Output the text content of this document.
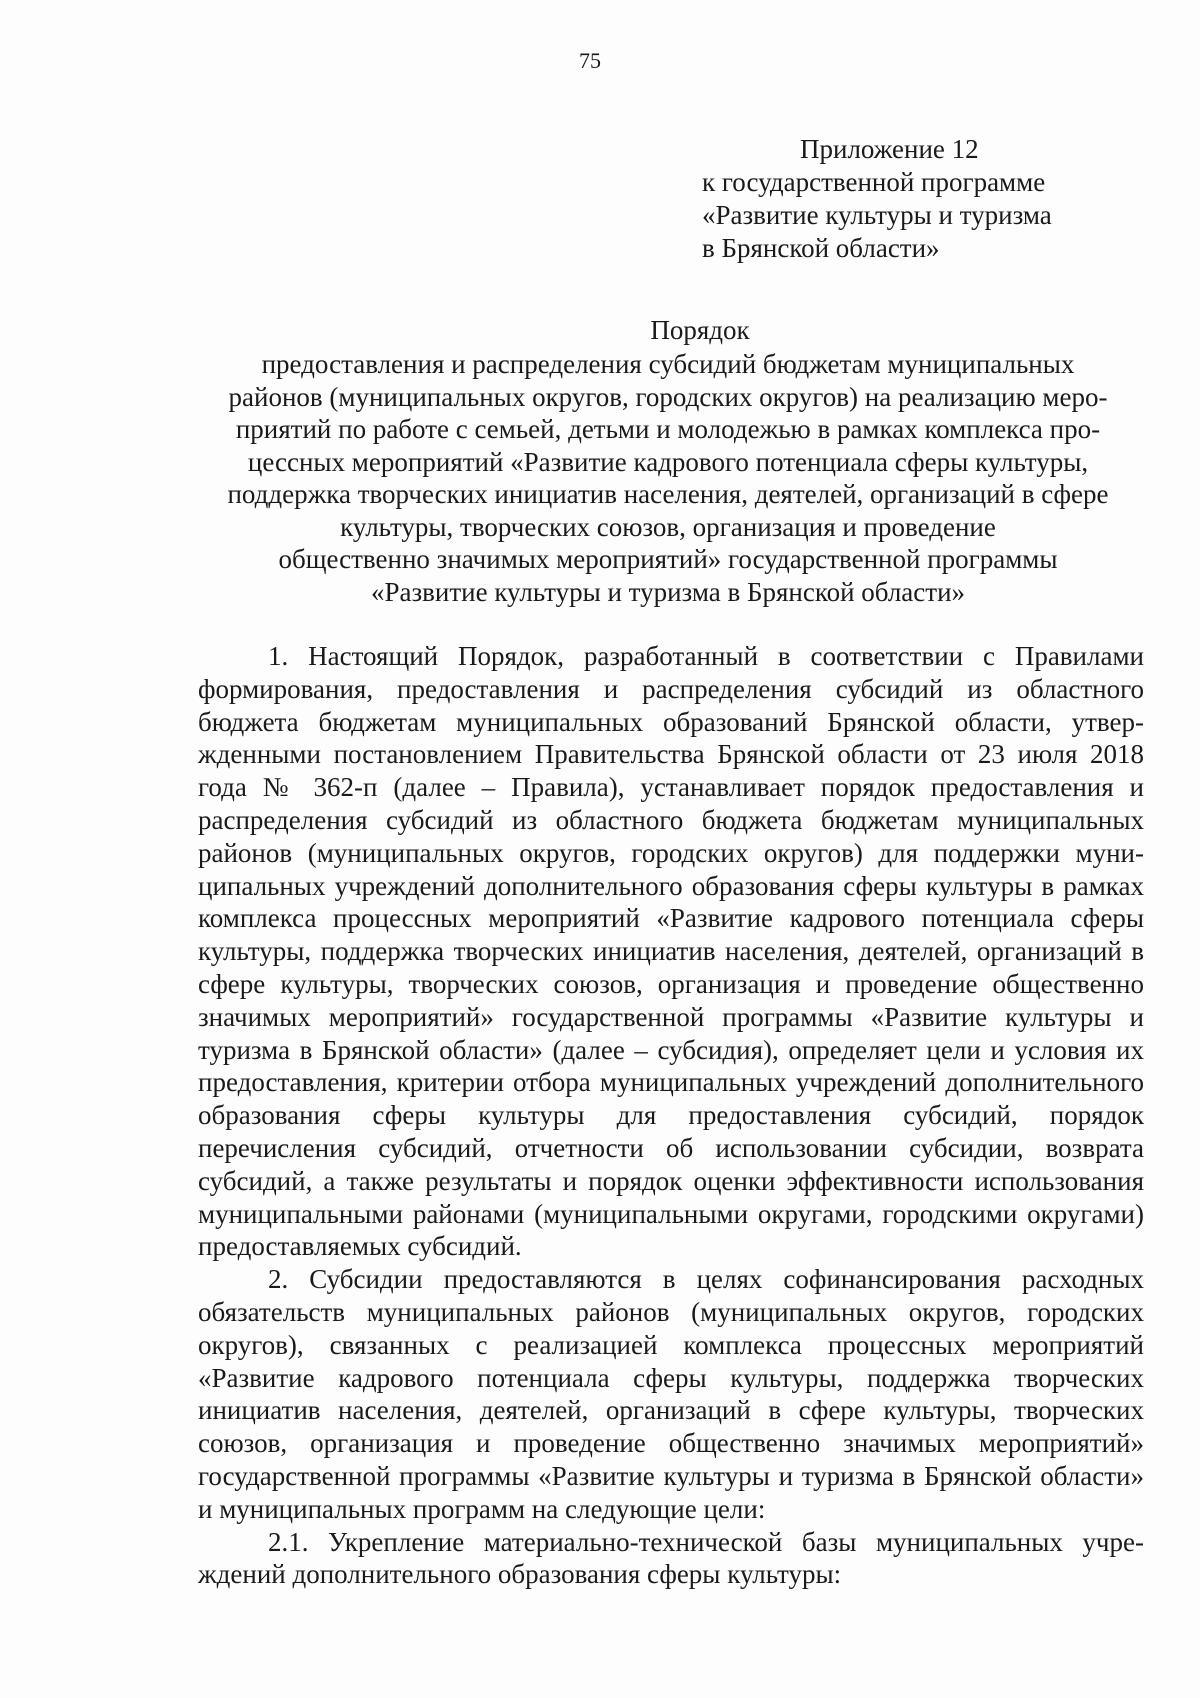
75
Приложение 12
к государственной программе
«Развитие культуры и туризма
в Брянской области»
Порядок
предоставления и распределения субсидий бюджетам муниципальных
районов (муниципальных округов, городских округов) на реализацию меро-
приятий по работе с семьей, детьми и молодежью в рамках комплекса про-
цессных мероприятий «Развитие кадрового потенциала сферы культуры,
поддержка творческих инициатив населения, деятелей, организаций в сфере
культуры, творческих союзов, организация и проведение
общественно значимых мероприятий» государственной программы
«Развитие культуры и туризма в Брянской области»

1. Настоящий Порядок, разработанный в соответствии с Правилами формирования, предоставления и распределения субсидий из областного бюджета бюджетам муниципальных образований Брянской области, утвержденными постановлением Правительства Брянской области от 23 июля 2018 года № 362-п (далее – Правила), устанавливает порядок предоставления и распределения субсидий из областного бюджета бюджетам муниципальных районов (муниципальных округов, городских округов) для поддержки муниципальных учреждений дополнительного образования сферы культуры в рамках комплекса процессных мероприятий «Развитие кадрового потенциала сферы культуры, поддержка творческих инициатив населения, деятелей, организаций в сфере культуры, творческих союзов, организация и проведение общественно значимых мероприятий» государственной программы «Развитие культуры и туризма в Брянской области» (далее – субсидия), определяет цели и условия их предоставления, критерии отбора муниципальных учреждений дополнительного образования сферы культуры для предоставления субсидий, порядок перечисления субсидий, отчетности об использовании субсидии, возврата субсидий, а также результаты и порядок оценки эффективности использования муниципальными районами (муниципальными округами, городскими округами) предоставляемых субсидий.

2. Субсидии предоставляются в целях софинансирования расходных обязательств муниципальных районов (муниципальных округов, городских округов), связанных с реализацией комплекса процессных мероприятий «Развитие кадрового потенциала сферы культуры, поддержка творческих инициатив населения, деятелей, организаций в сфере культуры, творческих союзов, организация и проведение общественно значимых мероприятий» государственной программы «Развитие культуры и туризма в Брянской области» и муниципальных программ на следующие цели:

2.1. Укрепление материально-технической базы муниципальных учреждений дополнительного образования сферы культуры:
